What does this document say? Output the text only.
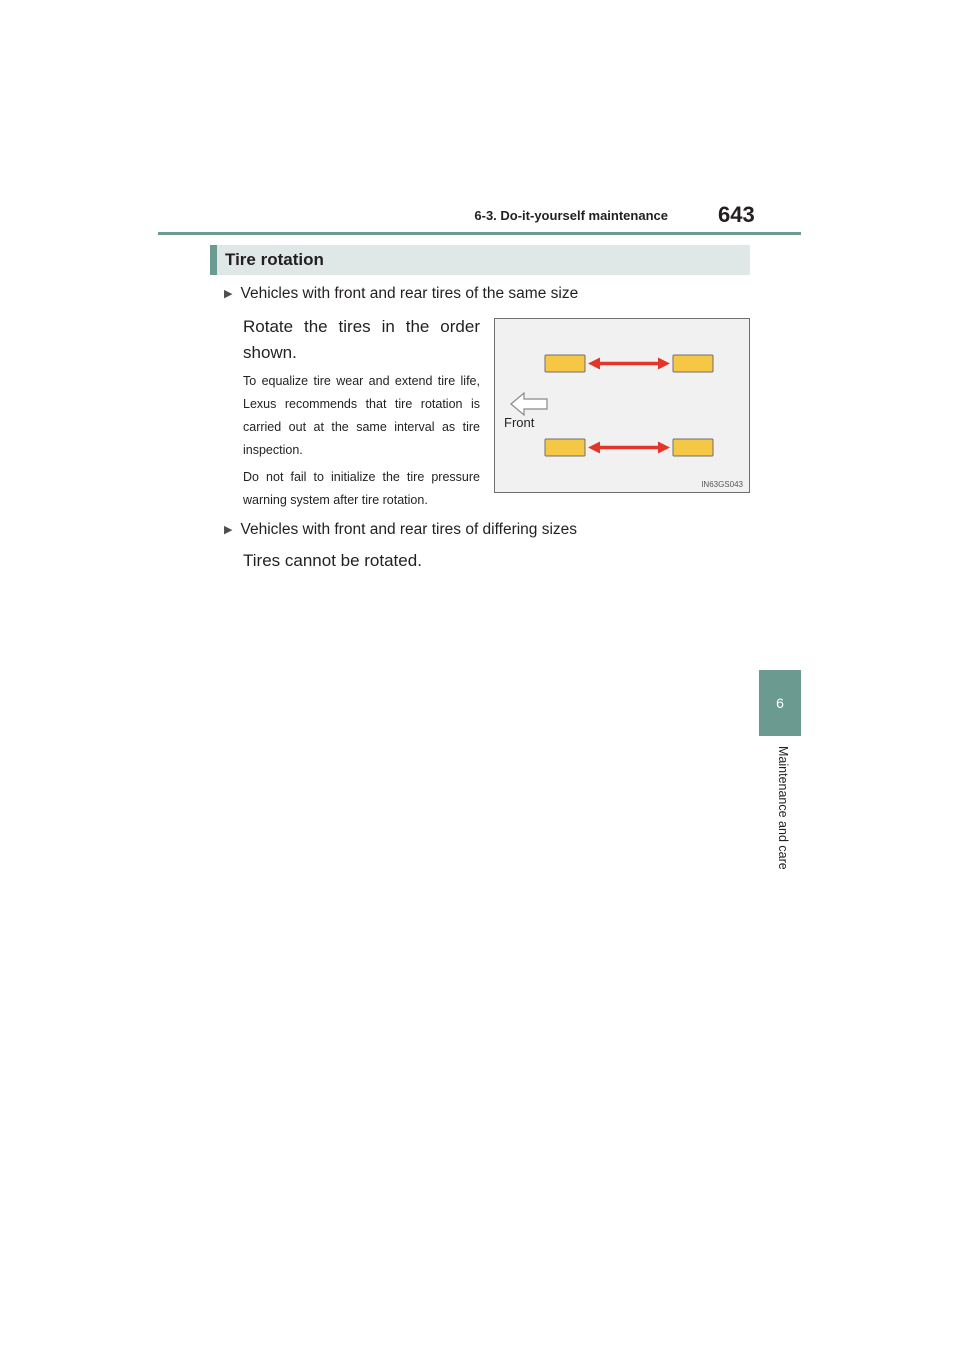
6-3. Do-it-yourself maintenance 643
6
Maintenance and care
Tire rotation
▶ Vehicles with front and rear tires of the same size

Rotate the tires in the order shown.

To equalize tire wear and extend tire life, Lexus recommends that tire rotation is carried out at the same interval as tire inspection.

Do not fail to initialize the tire pressure warning system after tire rotation.

▶ Vehicles with front and rear tires of differing sizes

Tires cannot be rotated.

Front
IN63GS043
